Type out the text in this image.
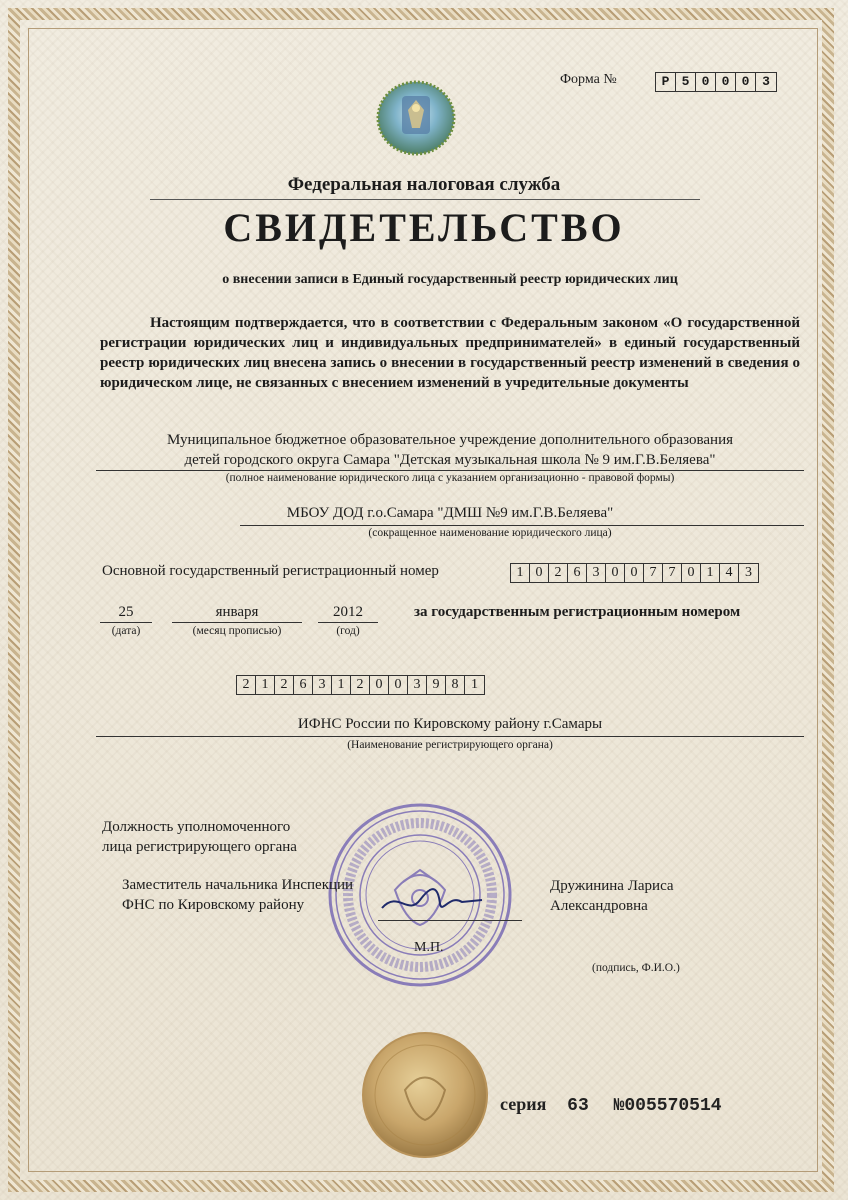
Форма №	Р 5 0 0 0 3
Федеральная налоговая служба
СВИДЕТЕЛЬСТВО
о внесении записи в Единый государственный реестр юридических лиц
Настоящим подтверждается, что в соответствии с Федеральным законом «О государственной регистрации юридических лиц и индивидуальных предпринимателей» в единый государственный реестр юридических лиц внесена запись о внесении в государственный реестр изменений в сведения о юридическом лице, не связанных с внесением изменений в учредительные документы
Муниципальное бюджетное образовательное учреждение дополнительного образования
детей городского округа Самара "Детская музыкальная школа № 9 им.Г.В.Беляева"
(полное наименование юридического лица с указанием организационно - правовой формы)
МБОУ ДОД г.о.Самара "ДМШ №9 им.Г.В.Беляева"
(сокращенное наименование юридического лица)
Основной государственный регистрационный номер	1 0 2 6 3 0 0 7 7 0 1 4 3
25
(дата)
января
(месяц прописью)
2012
(год)
за государственным регистрационным номером
2 1 2 6 3 1 2 0 0 3 9 8 1
ИФНС России по Кировскому району г.Самары
(Наименование регистрирующего органа)
Должность уполномоченного
лица регистрирующего органа
Заместитель начальника Инспекции
ФНС по Кировскому району
М.П.
Дружинина Лариса
Александровна
(подпись, Ф.И.О.)
серия 63 №005570514
